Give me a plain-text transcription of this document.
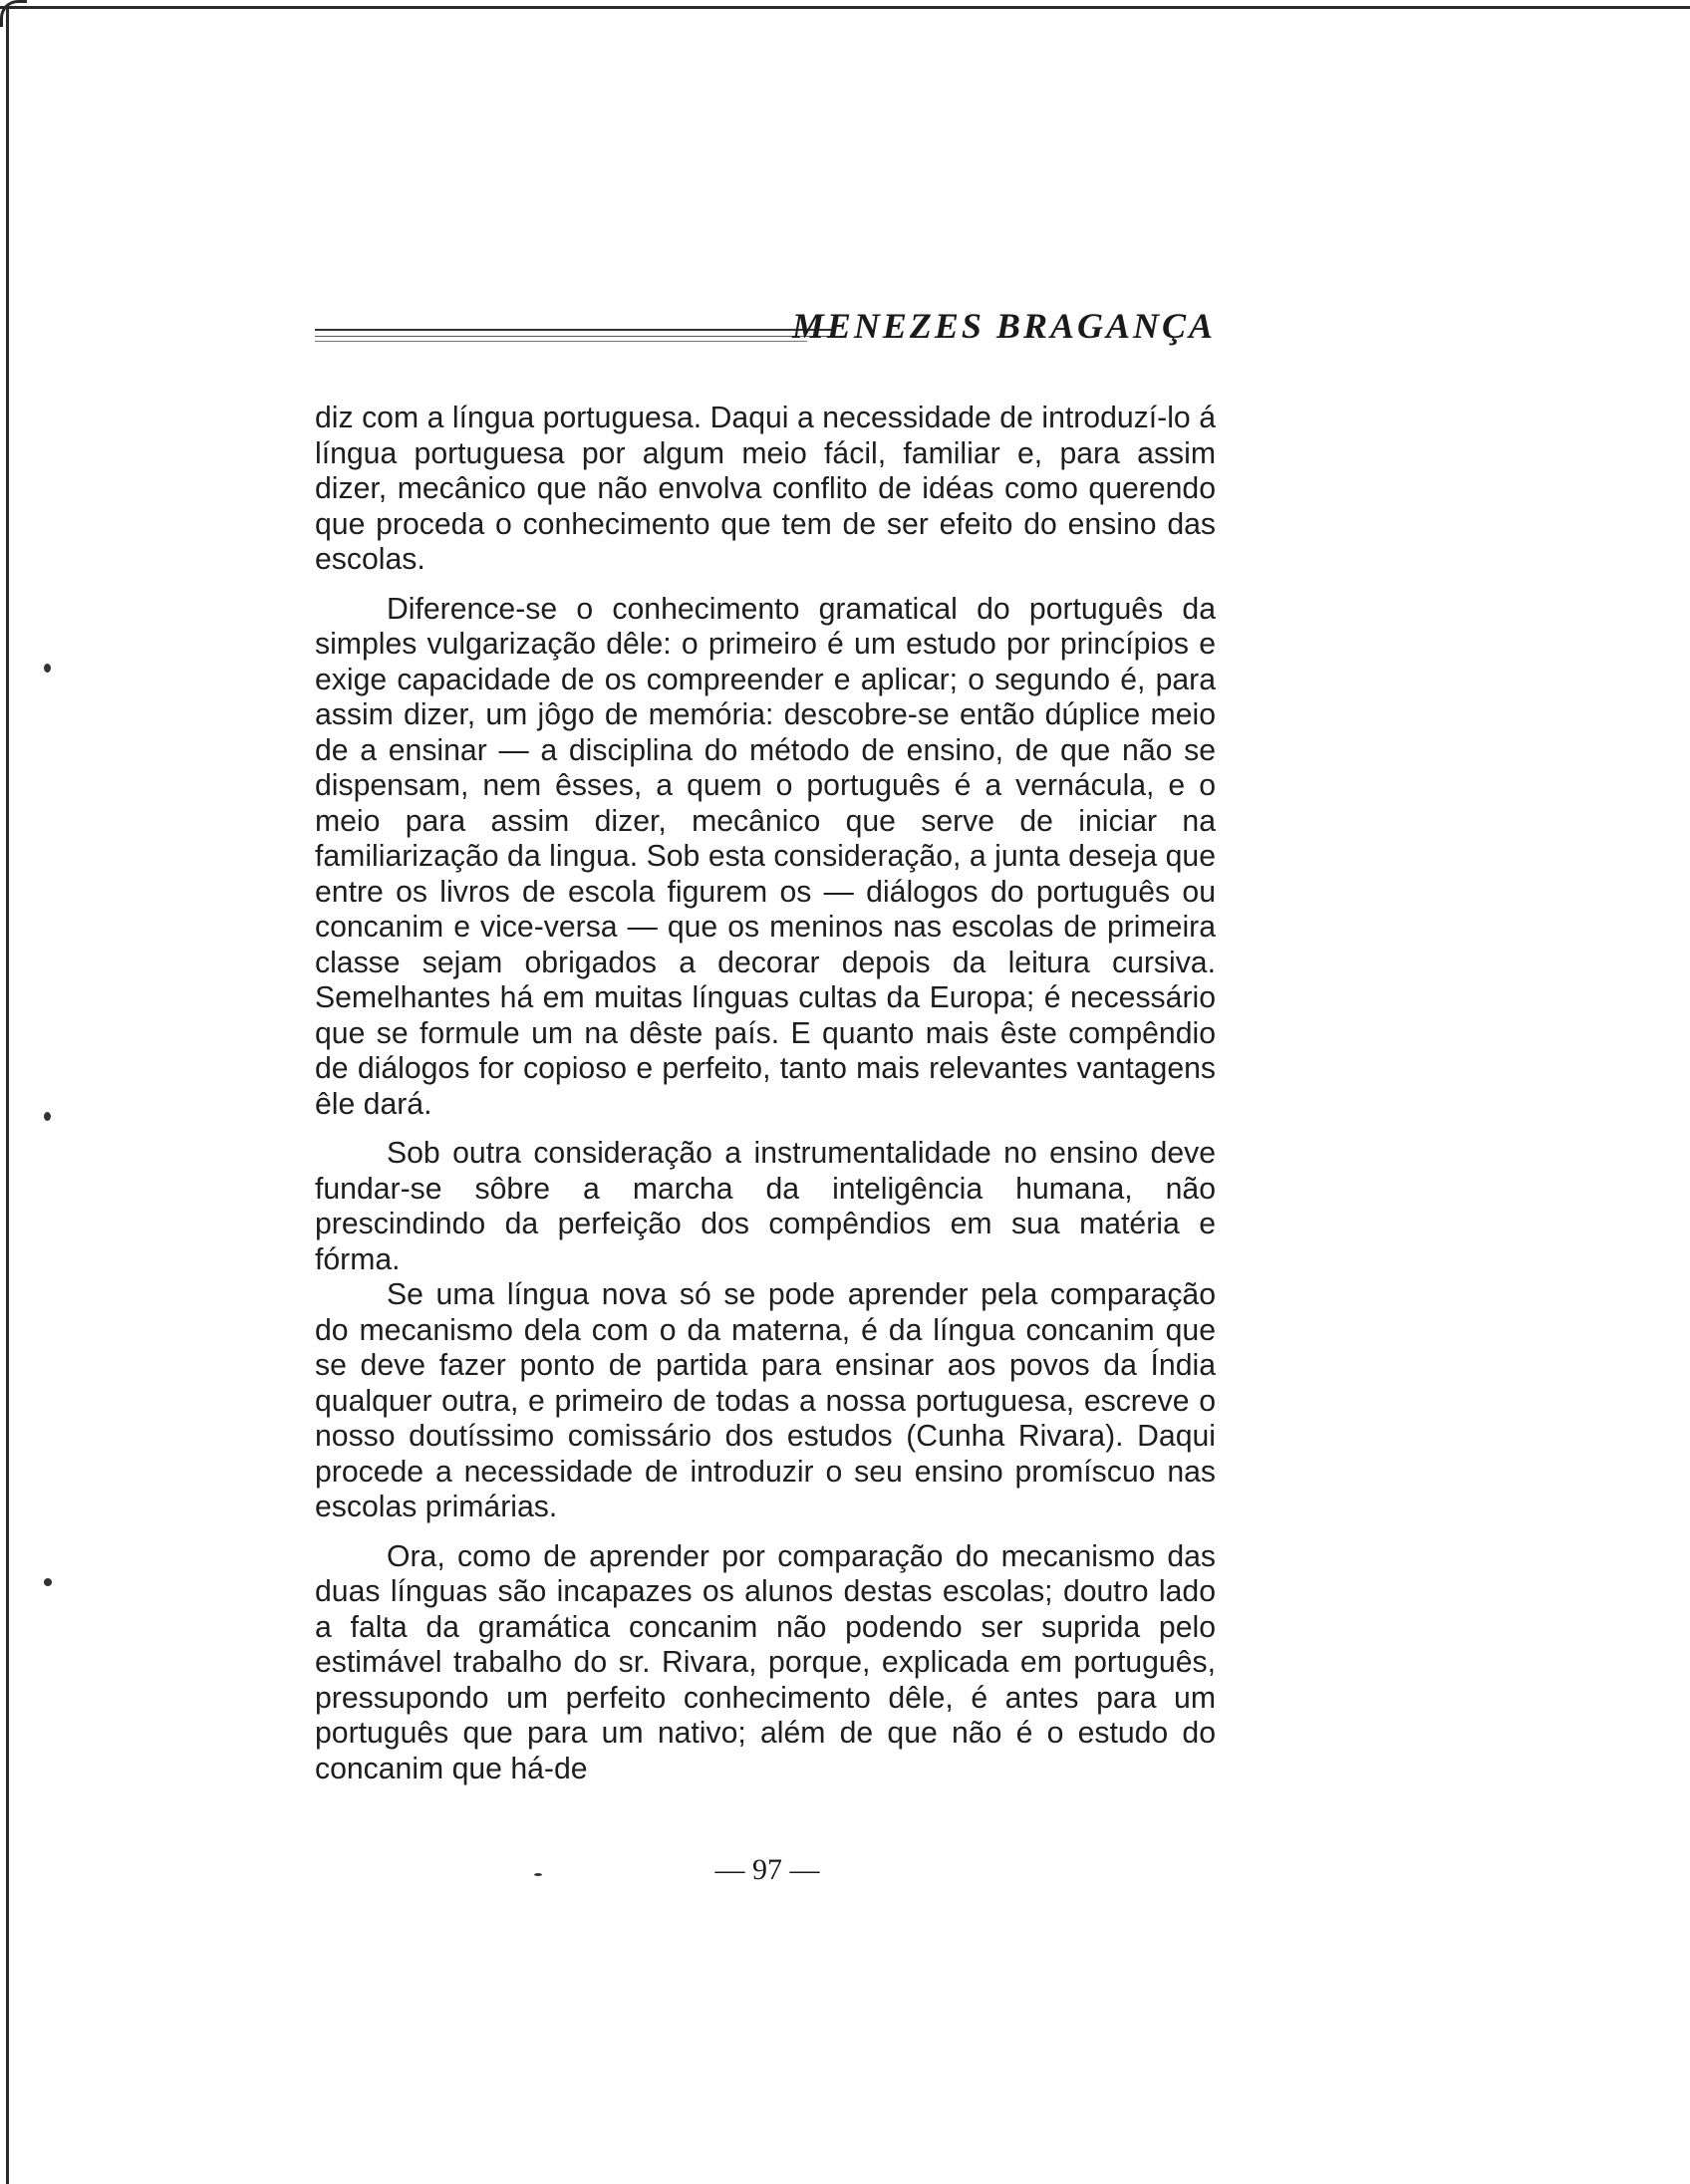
MENEZES BRAGANÇA

diz com a língua portuguesa. Daqui a necessidade de introduzí-lo á língua portuguesa por algum meio fácil, familiar e, para assim dizer, mecânico que não envolva conflito de idéas como querendo que proceda o conhecimento que tem de ser efeito do ensino das escolas.

Diference-se o conhecimento gramatical do português da simples vulgarização dêle: o primeiro é um estudo por princípios e exige capacidade de os compreender e aplicar; o segundo é, para assim dizer, um jôgo de memória: descobre-se então dúplice meio de a ensinar — a disciplina do método de ensino, de que não se dispensam, nem êsses, a quem o português é a vernácula, e o meio para assim dizer, mecânico que serve de iniciar na familiarização da lingua. Sob esta consideração, a junta deseja que entre os livros de escola figurem os — diálogos do português ou concanim e vice-versa — que os meninos nas escolas de primeira classe sejam obrigados a decorar depois da leitura cursiva. Semelhantes há em muitas línguas cultas da Europa; é necessário que se formule um na dêste país. E quanto mais êste compêndio de diálogos for copioso e perfeito, tanto mais relevantes vantagens êle dará.

Sob outra consideração a instrumentalidade no ensino deve fundar-se sôbre a marcha da inteligência humana, não prescindindo da perfeição dos compêndios em sua matéria e fórma.

Se uma língua nova só se pode aprender pela comparação do mecanismo dela com o da materna, é da língua concanim que se deve fazer ponto de partida para ensinar aos povos da Índia qualquer outra, e primeiro de todas a nossa portuguesa, escreve o nosso doutíssimo comissário dos estudos (Cunha Rivara). Daqui procede a necessidade de introduzir o seu ensino promíscuo nas escolas primárias.

Ora, como de aprender por comparação do mecanismo das duas línguas são incapazes os alunos destas escolas; doutro lado a falta da gramática concanim não podendo ser suprida pelo estimável trabalho do sr. Rivara, porque, explicada em português, pressupondo um perfeito conhecimento dêle, é antes para um português que para um nativo; além de que não é o estudo do concanim que há-de

— 97 —
